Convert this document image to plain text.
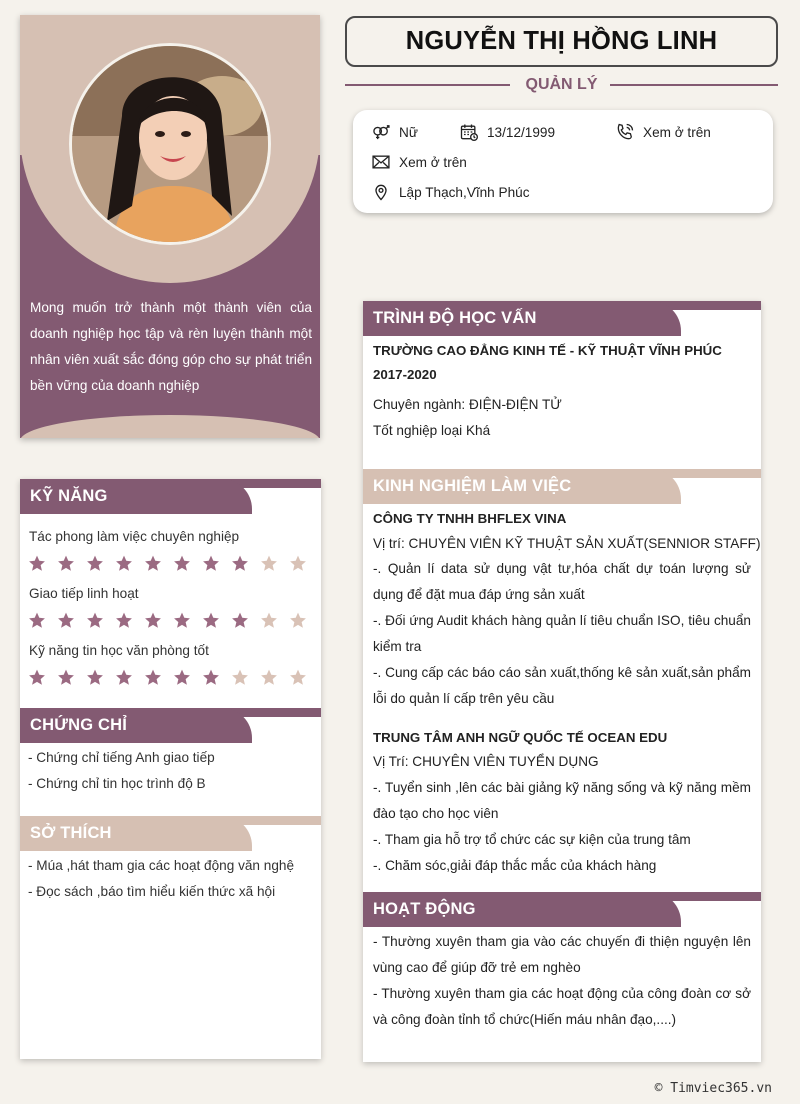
Mong muốn trở thành một thành viên của doanh nghiệp học tập và rèn luyện thành một nhân viên xuất sắc đóng góp cho sự phát triển bền vững của doanh nghiệp

KỸ NĂNG
Tác phong làm việc chuyên nghiệp
Giao tiếp linh hoạt
Kỹ năng tin học văn phòng tốt
CHỨNG CHỈ
- Chứng chỉ tiếng Anh giao tiếp
- Chứng chỉ tin học trình độ B
SỞ THÍCH
- Múa ,hát tham gia các hoạt động văn nghệ
- Đọc sách ,báo tìm hiểu kiến thức xã hội
NGUYỄN THỊ HỒNG LINH
QUẢN LÝ
Nữ	13/12/1999	Xem ở trên
Xem ở trên
Lập Thạch,Vĩnh Phúc
TRÌNH ĐỘ HỌC VẤN
TRƯỜNG CAO ĐẲNG KINH TẾ - KỸ THUẬT VĨNH PHÚC
2017-2020
Chuyên ngành: ĐIỆN-ĐIỆN TỬ
Tốt nghiệp loại Khá
KINH NGHIỆM LÀM VIỆC
CÔNG TY TNHH BHFLEX VINA
Vị trí: CHUYÊN VIÊN KỸ THUẬT SẢN XUẤT(SENNIOR STAFF)

-. Quản lí data sử dụng vật tư,hóa chất dự toán lượng sử dụng để đặt mua đáp ứng sản xuất

-. Đối ứng Audit khách hàng quản lí tiêu chuẩn ISO, tiêu chuẩn kiểm tra

-. Cung cấp các báo cáo sản xuất,thống kê sản xuất,sản phẩm lỗi do quản lí cấp trên yêu cầu

TRUNG TÂM ANH NGỮ QUỐC TẾ OCEAN EDU
Vị Trí: CHUYÊN VIÊN TUYỂN DỤNG

-. Tuyển sinh ,lên các bài giảng kỹ năng sống và kỹ năng mềm đào tạo cho học viên

-. Tham gia hỗ trợ tổ chức các sự kiện của trung tâm

-. Chăm sóc,giải đáp thắc mắc của khách hàng

HOẠT ĐỘNG

- Thường xuyên tham gia vào các chuyến đi thiện nguyện lên vùng cao để giúp đỡ trẻ em nghèo

- Thường xuyên tham gia các hoạt động của công đoàn cơ sở và công đoàn tỉnh tổ chức(Hiến máu nhân đạo,....)

© Timviec365.vn
